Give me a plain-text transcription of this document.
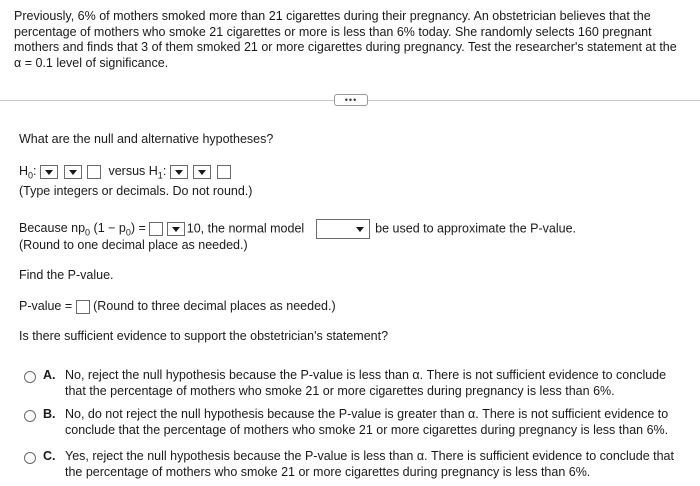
Previously, 6% of mothers smoked more than 21 cigarettes during their pregnancy. An obstetrician believes that the percentage of mothers who smoke 21 cigarettes or more is less than 6% today. She randomly selects 160 pregnant mothers and finds that 3 of them smoked 21 or more cigarettes during pregnancy. Test the researcher's statement at the
α = 0.1 level of significance.
•••
What are the null and alternative hypotheses?
$H_0$:	versus $H_1$:
(Type integers or decimals. Do not round.)
Because $np_0$ $(1 - p_0)$ =	10, the normal model	be used to approximate the P-value.
(Round to one decimal place as needed.)
Find the P-value.
P-value = (Round to three decimal places as needed.)
Is there sufficient evidence to support the obstetrician's statement?
A. No, reject the null hypothesis because the P-value is less than α. There is not sufficient evidence to conclude that the percentage of mothers who smoke 21 or more cigarettes during pregnancy is less than 6%.
B. No, do not reject the null hypothesis because the P-value is greater than α. There is not sufficient evidence to conclude that the percentage of mothers who smoke 21 or more cigarettes during pregnancy is less than 6%.
C. Yes, reject the null hypothesis because the P-value is less than α. There is sufficient evidence to conclude that the percentage of mothers who smoke 21 or more cigarettes during pregnancy is less than 6%.
